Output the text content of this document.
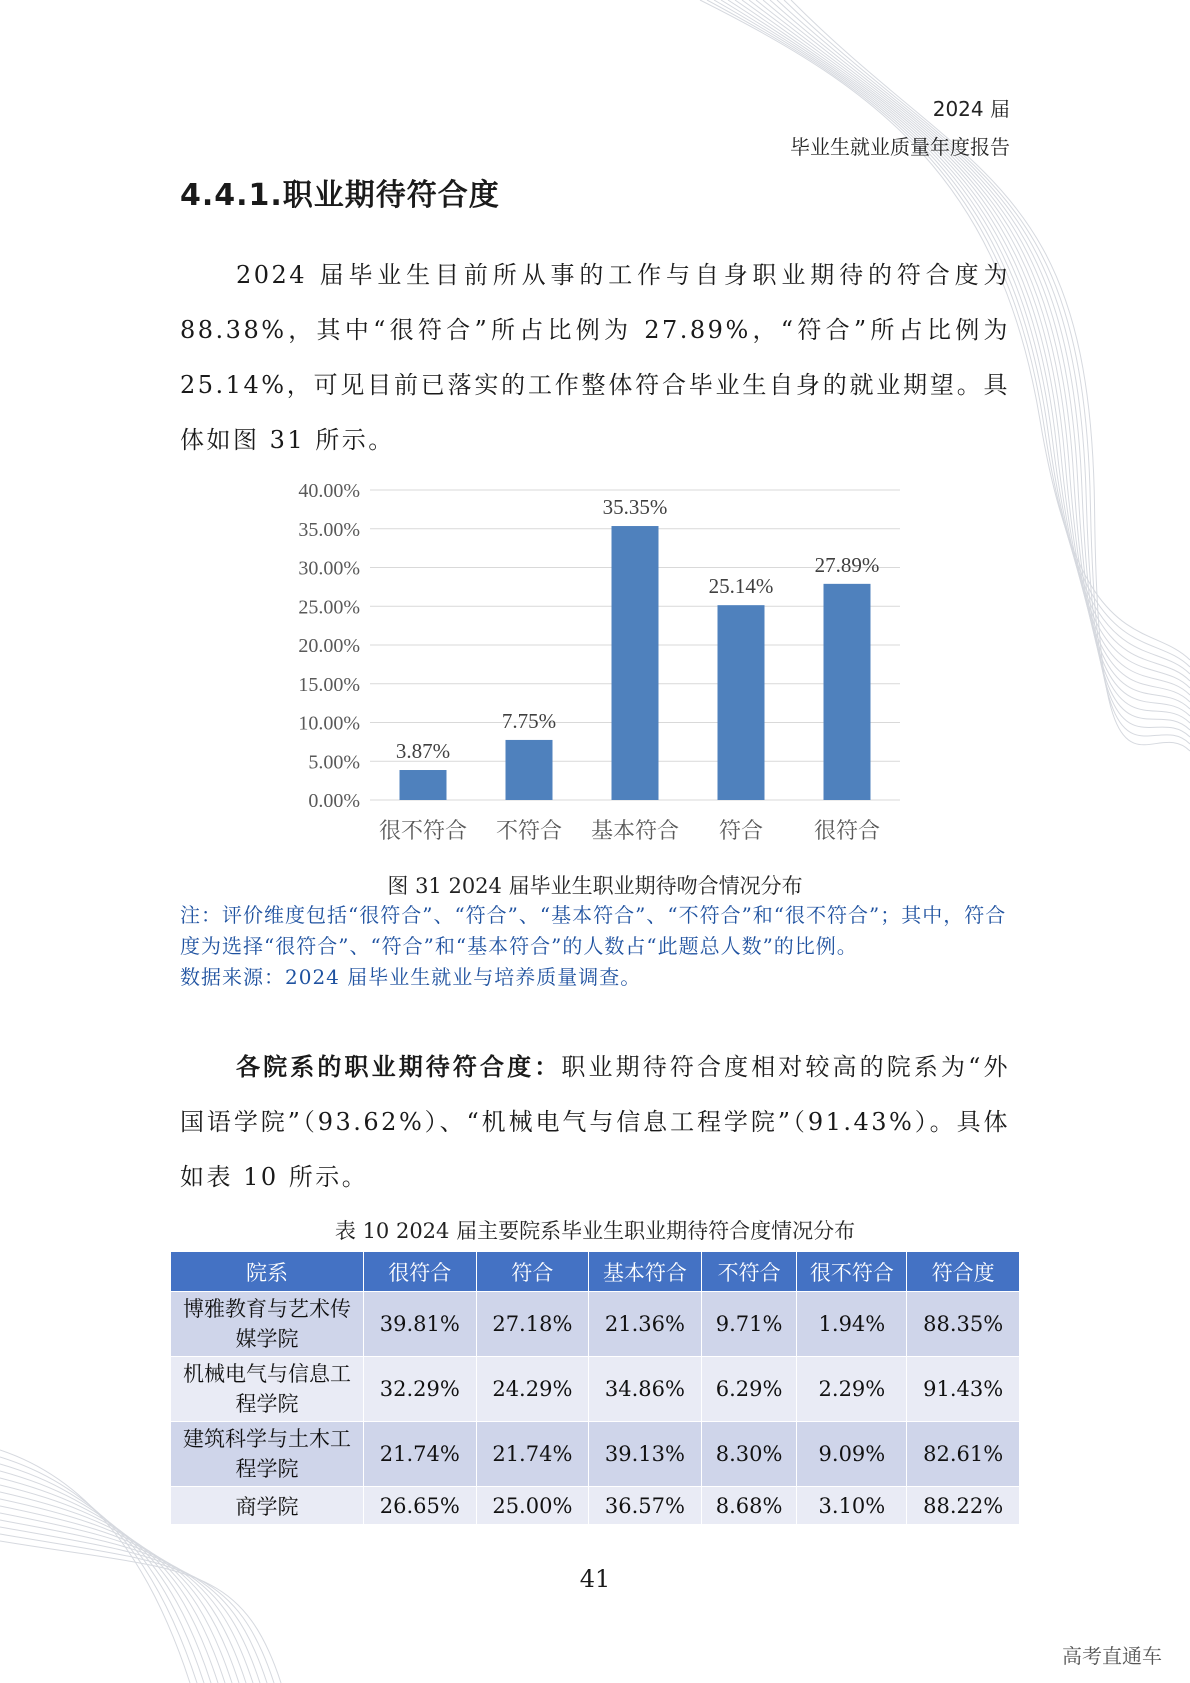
2024 届
毕业生就业质量年度报告
4.4.1.职业期待符合度

2024 届毕业生目前所从事的工作与自身职业期待的符合度为 88.38%，其中“很符合”所占比例为 27.89%，“符合”所占比例为 25.14%，可见目前已落实的工作整体符合毕业生自身的就业期望。具体如图 31 所示。

0.00%
5.00%
10.00%
15.00%
20.00%
25.00%
30.00%
35.00%
40.00%
3.87%
很不符合
7.75%
不符合
35.35%
基本符合
25.14%
符合
27.89%
很符合
图 31 2024 届毕业生职业期待吻合情况分布
注：评价维度包括“很符合”、“符合”、“基本符合”、“不符合”和“很不符合”；其中，符合度为选择“很符合”、“符合”和“基本符合”的人数占“此题总人数”的比例。
数据来源：2024 届毕业生就业与培养质量调查。

各院系的职业期待符合度：职业期待符合度相对较高的院系为“外国语学院”（93.62%）、“机械电气与信息工程学院”（91.43%）。具体如表 10 所示。

表 10 2024 届主要院系毕业生职业期待符合度情况分布
院系	很符合	符合	基本符合	不符合	很不符合	符合度
博雅教育与艺术传媒学院	39.81%	27.18%	21.36%	9.71%	1.94%	88.35%
机械电气与信息工程学院	32.29%	24.29%	34.86%	6.29%	2.29%	91.43%
建筑科学与土木工程学院	21.74%	21.74%	39.13%	8.30%	9.09%	82.61%
商学院	26.65%	25.00%	36.57%	8.68%	3.10%	88.22%
41
高考直通车
